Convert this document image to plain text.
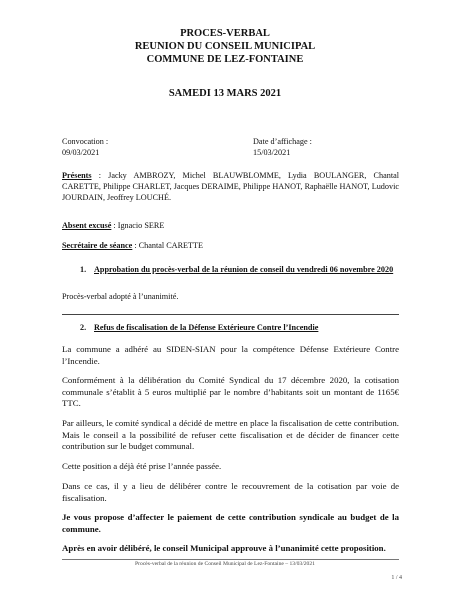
PROCES-VERBAL
REUNION DU CONSEIL MUNICIPAL
COMMUNE DE LEZ-FONTAINE
SAMEDI 13 MARS 2021
Convocation :
09/03/2021
Date d’affichage :
15/03/2021
Présents : Jacky AMBROZY, Michel BLAUWBLOMME, Lydia BOULANGER, Chantal CARETTE, Philippe CHARLET, Jacques DERAIME, Philippe HANOT, Raphaëlle HANOT, Ludovic JOURDAIN, Jeoffrey LOUCHÉ.
Absent excusé : Ignacio SERE
Secrétaire de séance : Chantal CARETTE
1. Approbation du procès-verbal de la réunion de conseil du vendredi 06 novembre 2020
Procès-verbal adopté à l’unanimité.
2. Refus de fiscalisation de la Défense Extérieure Contre l’Incendie
La commune a adhéré au SIDEN-SIAN pour la compétence Défense Extérieure Contre l’Incendie.
Conformément à la délibération du Comité Syndical du 17 décembre 2020, la cotisation communale s’établit à 5 euros multiplié par le nombre d’habitants soit un montant de 1165€ TTC.
Par ailleurs, le comité syndical a décidé de mettre en place la fiscalisation de cette contribution. Mais le conseil a la possibilité de refuser cette fiscalisation et de décider de financer cette contribution sur le budget communal.
Cette position a déjà été prise l’année passée.
Dans ce cas, il y a lieu de délibérer contre le recouvrement de la cotisation par voie de fiscalisation.
Je vous propose d’affecter le paiement de cette contribution syndicale au budget de la commune.
Après en avoir délibéré, le conseil Municipal approuve à l’unanimité cette proposition.
Procès-verbal de la réunion de Conseil Municipal de Lez-Fontaine – 13/03/2021
1 / 4
